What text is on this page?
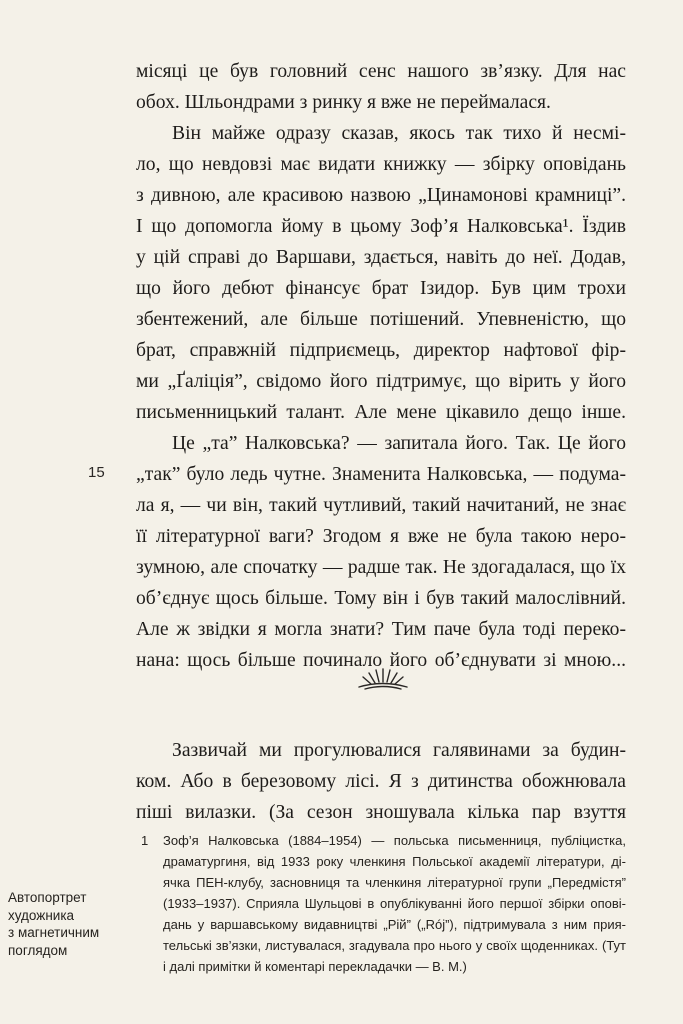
місяці це був головний сенс нашого зв’язку. Для нас
обох. Шльондрами з ринку я вже не переймалася.
Він майже одразу сказав, якось так тихо й несмі-
ло, що невдовзі має видати книжку — збірку оповідань
з дивною, але красивою назвою „Цинамонові крамниці”.
І що допомогла йому в цьому Зоф’я Налковська¹. Їздив
у цій справі до Варшави, здається, навіть до неї. Додав,
що його дебют фінансує брат Ізидор. Був цим трохи
збентежений, але більше потішений. Упевненістю, що
брат, справжній підприємець, директор нафтової фір-
ми „Ґаліція”, свідомо його підтримує, що вірить у його
письменницький талант. Але мене цікавило дещо інше.
Це „та” Налковська? — запитала його. Так. Це його
„так” було ледь чутне. Знаменита Налковська, — подума-
ла я, — чи він, такий чутливий, такий начитаний, не знає
її літературної ваги? Згодом я вже не була такою неро-
зумною, але спочатку — радше так. Не здогадалася, що їх
об’єднує щось більше. Тому він і був такий малослівний.
Але ж звідки я могла знати? Тим паче була тоді переко-
нана: щось більше починало його об’єднувати зі мною...
15
Зазвичай ми прогулювалися галявинами за будин-
ком. Або в березовому лісі. Я з дитинства обожнювала
піші вилазки. (За сезон зношувала кілька пар взуття
1 Зоф’я Налковська (1884–1954) — польська письменниця, публіцистка,
драматургиня, від 1933 року членкиня Польської академії літератури, ді-
ячка ПЕН-клубу, засновниця та членкиня літературної групи „Передмістя”
(1933–1937). Сприяла Шульцові в опублікуванні його першої збірки опові-
дань у варшавському видавництві „Рій” („Rój”), підтримувала з ним прия-
тельські зв’язки, листувалася, згадувала про нього у своїх щоденниках. (Тут
і далі примітки й коментарі перекладачки — В. М.)
Автопортрет
художника
з магнетичним
поглядом
